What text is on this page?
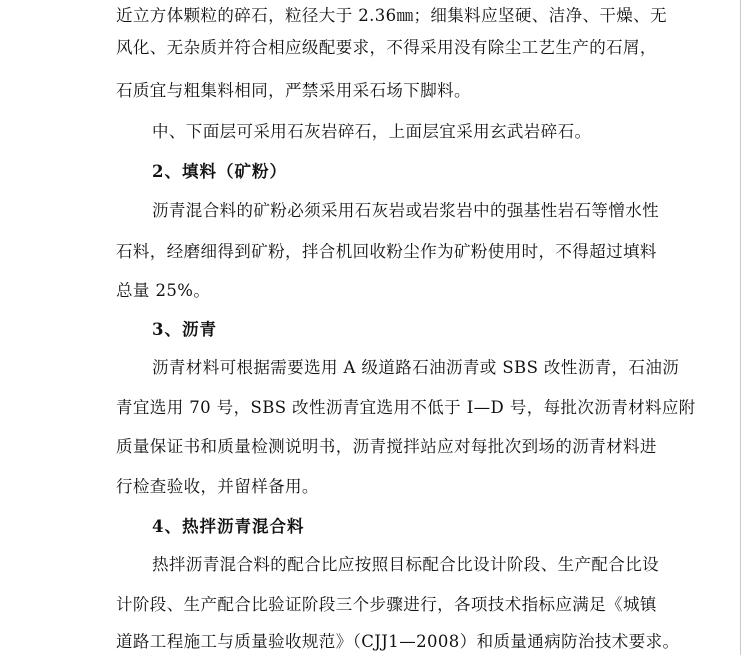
近立方体颗粒的碎石，粒径大于 2.36㎜；细集料应坚硬、洁净、干燥、无
风化、无杂质并符合相应级配要求，不得采用没有除尘工艺生产的石屑，
石质宜与粗集料相同，严禁采用采石场下脚料。
中、下面层可采用石灰岩碎石，上面层宜采用玄武岩碎石。
2、填料（矿粉）
沥青混合料的矿粉必须采用石灰岩或岩浆岩中的强基性岩石等憎水性
石料，经磨细得到矿粉，拌合机回收粉尘作为矿粉使用时，不得超过填料
总量 25%。
3、沥青
沥青材料可根据需要选用 A 级道路石油沥青或 SBS 改性沥青，石油沥
青宜选用 70 号，SBS 改性沥青宜选用不低于 I—D 号，每批次沥青材料应附
质量保证书和质量检测说明书，沥青搅拌站应对每批次到场的沥青材料进
行检查验收，并留样备用。
4、热拌沥青混合料
热拌沥青混合料的配合比应按照目标配合比设计阶段、生产配合比设
计阶段、生产配合比验证阶段三个步骤进行，各项技术指标应满足《城镇
道路工程施工与质量验收规范》（CJJ1—2008）和质量通病防治技术要求。
